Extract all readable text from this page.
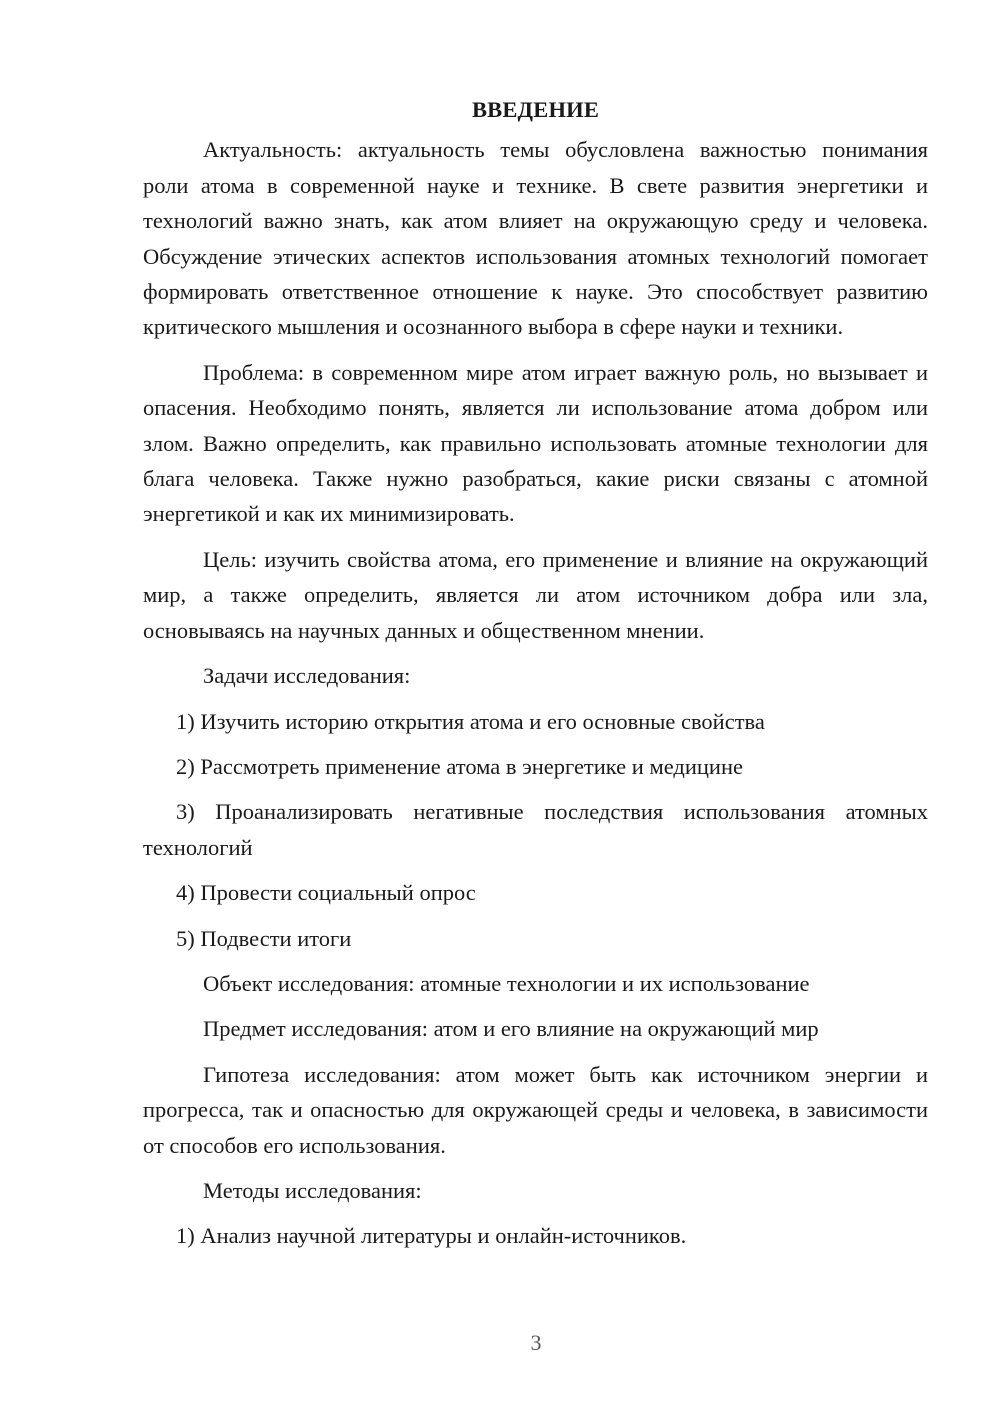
ВВЕДЕНИЕ

Актуальность: актуальность темы обусловлена важностью понимания роли атома в современной науке и технике. В свете развития энергетики и технологий важно знать, как атом влияет на окружающую среду и человека. Обсуждение этических аспектов использования атомных технологий помогает формировать ответственное отношение к науке. Это способствует развитию критического мышления и осознанного выбора в сфере науки и техники.

Проблема: в современном мире атом играет важную роль, но вызывает и опасения. Необходимо понять, является ли использование атома добром или злом. Важно определить, как правильно использовать атомные технологии для блага человека. Также нужно разобраться, какие риски связаны с атомной энергетикой и как их минимизировать.

Цель: изучить свойства атома, его применение и влияние на окружающий мир, а также определить, является ли атом источником добра или зла, основываясь на научных данных и общественном мнении.

Задачи исследования:

1) Изучить историю открытия атома и его основные свойства

2) Рассмотреть применение атома в энергетике и медицине

3) Проанализировать негативные последствия использования атомных технологий

4) Провести социальный опрос

5) Подвести итоги

Объект исследования: атомные технологии и их использование

Предмет исследования: атом и его влияние на окружающий мир

Гипотеза исследования: атом может быть как источником энергии и прогресса, так и опасностью для окружающей среды и человека, в зависимости от способов его использования.

Методы исследования:

1) Анализ научной литературы и онлайн-источников.

3
